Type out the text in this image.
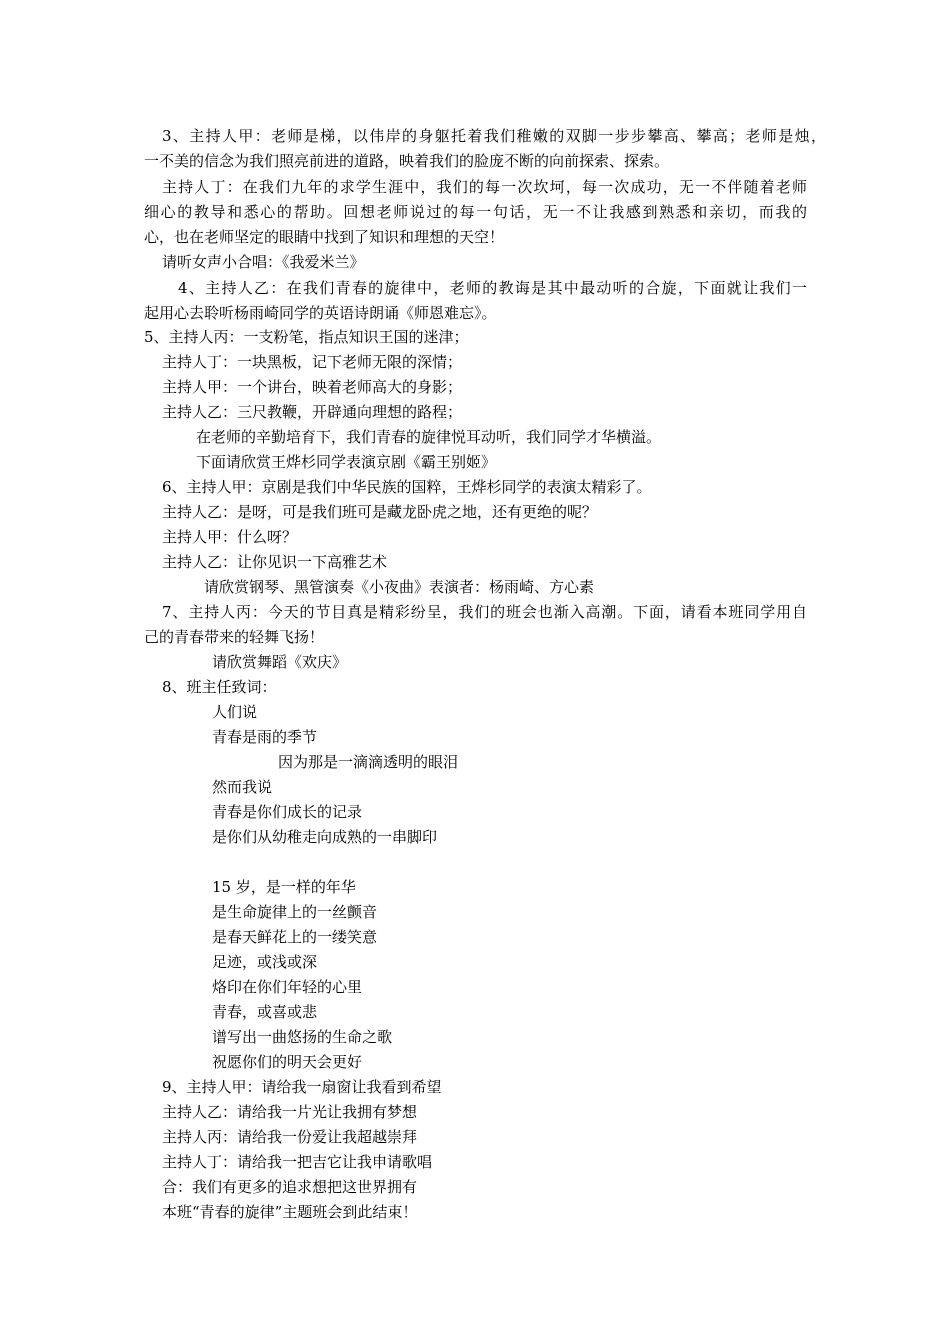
3、主持人甲：老师是梯，以伟岸的身躯托着我们稚嫩的双脚一步步攀高、攀高；老师是烛，

一不美的信念为我们照亮前进的道路，映着我们的脸庞不断的向前探索、探索。

主持人丁：在我们九年的求学生涯中，我们的每一次坎坷，每一次成功，无一不伴随着老师

细心的教导和悉心的帮助。回想老师说过的每一句话，无一不让我感到熟悉和亲切，而我的

心，也在老师坚定的眼睛中找到了知识和理想的天空！

请听女声小合唱：《我爱米兰》

4、主持人乙：在我们青春的旋律中，老师的教诲是其中最动听的合旋，下面就让我们一

起用心去聆听杨雨崎同学的英语诗朗诵《师恩难忘》。

5、主持人丙：一支粉笔，指点知识王国的迷津；

主持人丁：一块黑板，记下老师无限的深情；

主持人甲：一个讲台，映着老师高大的身影；

主持人乙：三尺教鞭，开辟通向理想的路程；

在老师的辛勤培育下，我们青春的旋律悦耳动听，我们同学才华横溢。

下面请欣赏王烨杉同学表演京剧《霸王别姬》

6、主持人甲：京剧是我们中华民族的国粹，王烨杉同学的表演太精彩了。

主持人乙：是呀，可是我们班可是藏龙卧虎之地，还有更绝的呢？

主持人甲：什么呀？

主持人乙：让你见识一下高雅艺术

请欣赏钢琴、黑管演奏《小夜曲》表演者：杨雨崎、方心素

7、主持人丙：今天的节目真是精彩纷呈，我们的班会也渐入高潮。下面，请看本班同学用自

己的青春带来的轻舞飞扬！

请欣赏舞蹈《欢庆》

8、班主任致词：

人们说

青春是雨的季节

因为那是一滴滴透明的眼泪

然而我说

青春是你们成长的记录

是你们从幼稚走向成熟的一串脚印

15 岁，是一样的年华

是生命旋律上的一丝颤音

是春天鲜花上的一缕笑意

足迹，或浅或深

烙印在你们年轻的心里

青春，或喜或悲

谱写出一曲悠扬的生命之歌

祝愿你们的明天会更好

9、主持人甲：请给我一扇窗让我看到希望

主持人乙：请给我一片光让我拥有梦想

主持人丙：请给我一份爱让我超越崇拜

主持人丁：请给我一把吉它让我申请歌唱

合：我们有更多的追求想把这世界拥有

本班“青春的旋律”主题班会到此结束！
